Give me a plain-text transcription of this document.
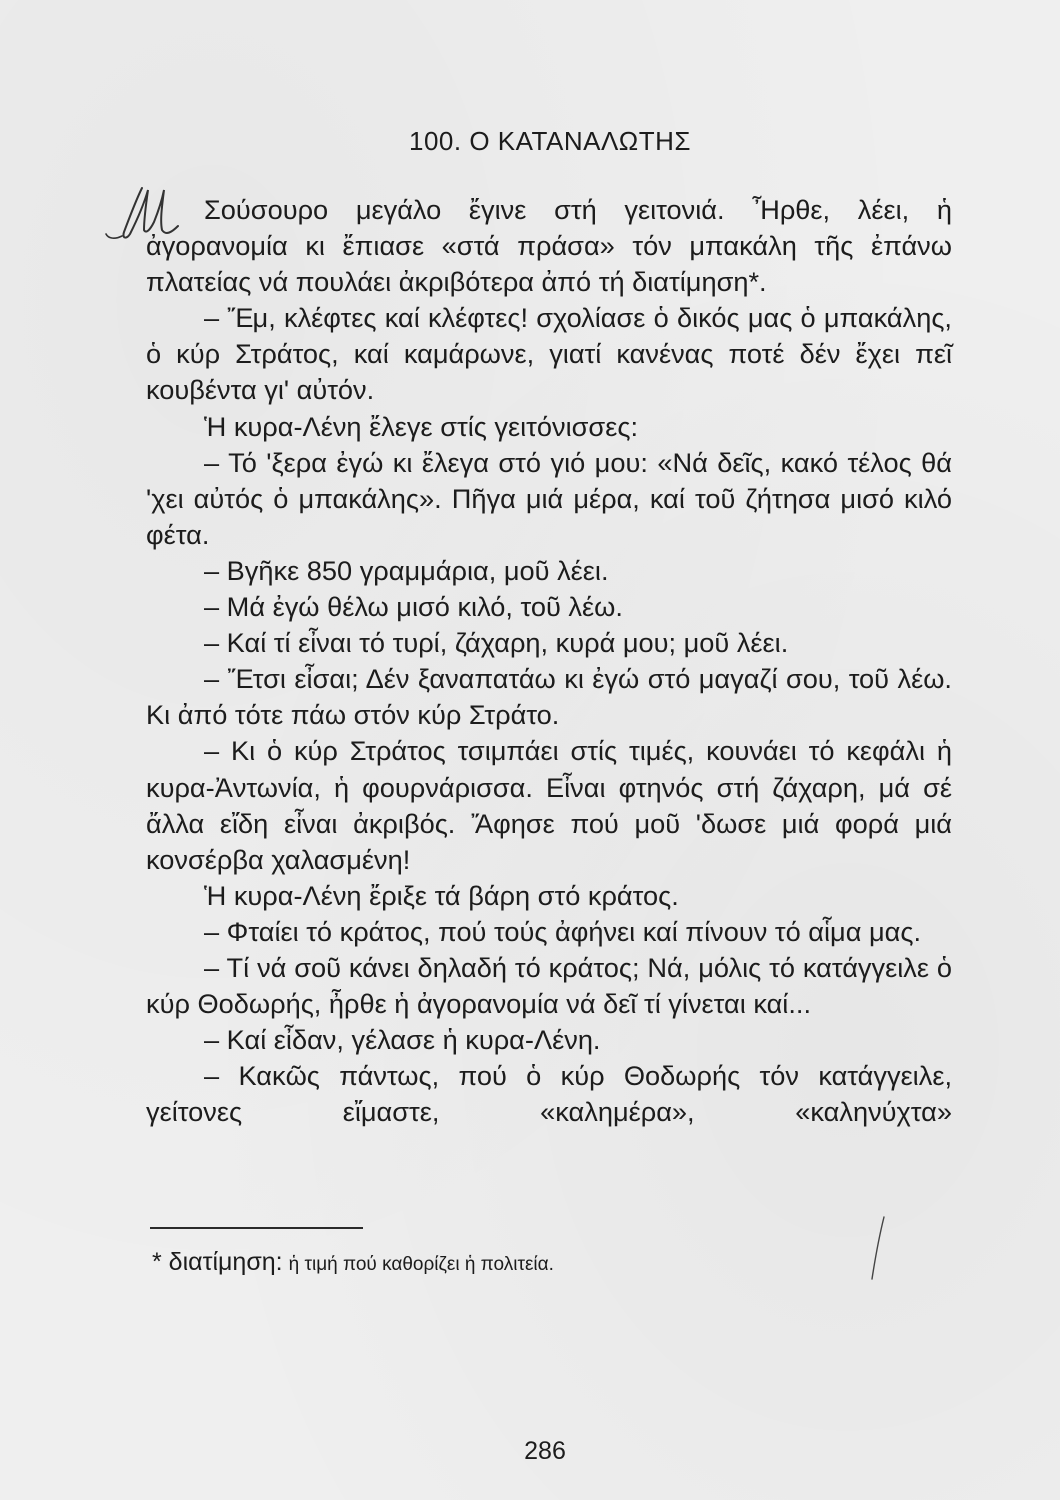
100. Ο ΚΑΤΑΝΑΛΩΤΗΣ

Σούσουρο μεγάλο ἔγινε στή γειτονιά. Ἦρθε, λέει, ἡ ἀγορανομία κι ἔπιασε «στά πράσα» τόν μπακάλη τῆς ἐπάνω πλατείας νά πουλάει ἀκριβότερα ἀπό τή διατίμηση*.

– Ἔμ, κλέφτες καί κλέφτες! σχολίασε ὁ δικός μας ὁ μπακάλης, ὁ κύρ Στράτος, καί καμάρωνε, γιατί κανένας ποτέ δέν ἔχει πεῖ κουβέντα γι' αὐτόν.

Ἡ κυρα-Λένη ἔλεγε στίς γειτόνισσες:

– Τό 'ξερα ἐγώ κι ἔλεγα στό γιό μου: «Νά δεῖς, κακό τέλος θά 'χει αὐτός ὁ μπακάλης». Πῆγα μιά μέρα, καί τοῦ ζήτησα μισό κιλό φέτα.

– Βγῆκε 850 γραμμάρια, μοῦ λέει.

– Μά ἐγώ θέλω μισό κιλό, τοῦ λέω.

– Καί τί εἶναι τό τυρί, ζάχαρη, κυρά μου; μοῦ λέει.

– Ἔτσι εἶσαι; Δέν ξαναπατάω κι ἐγώ στό μαγαζί σου, τοῦ λέω. Κι ἀπό τότε πάω στόν κύρ Στράτο.

– Κι ὁ κύρ Στράτος τσιμπάει στίς τιμές, κουνάει τό κεφάλι ἡ κυρα-Ἀντωνία, ἡ φουρνάρισσα. Εἶναι φτηνός στή ζάχαρη, μά σέ ἄλλα εἴδη εἶναι ἀκριβός. Ἄφησε πού μοῦ 'δωσε μιά φορά μιά κονσέρβα χαλασμένη!

Ἡ κυρα-Λένη ἔριξε τά βάρη στό κράτος.

– Φταίει τό κράτος, πού τούς ἀφήνει καί πίνουν τό αἷμα μας.

– Τί νά σοῦ κάνει δηλαδή τό κράτος; Νά, μόλις τό κατάγγειλε ὁ κύρ Θοδωρής, ἦρθε ἡ ἀγορανομία νά δεῖ τί γίνεται καί...

– Καί εἶδαν, γέλασε ἡ κυρα-Λένη.

– Κακῶς πάντως, πού ὁ κύρ Θοδωρής τόν κατάγγειλε, γείτονες εἴμαστε, «καλημέρα», «καληνύχτα»

* διατίμηση: ἡ τιμή πού καθορίζει ἡ πολιτεία.

286
